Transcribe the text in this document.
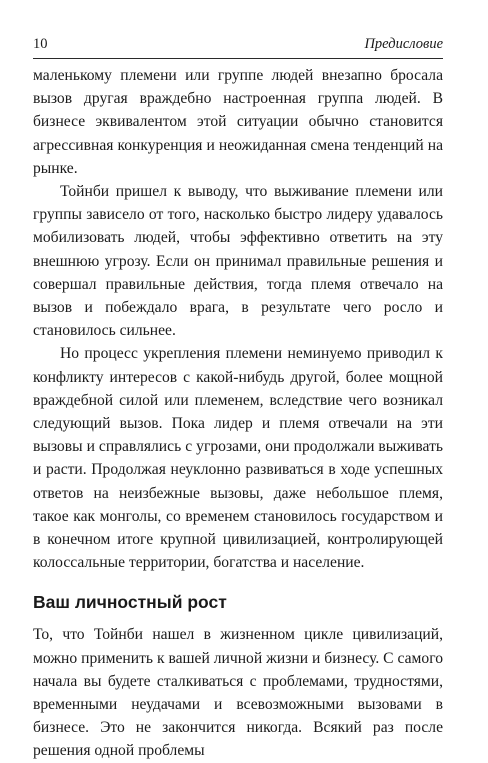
10	Предисловие

маленькому племени или группе людей внезапно бросала вызов другая враждебно настроенная группа людей. В бизнесе эквивалентом этой ситуации обычно становится агрессивная конкуренция и неожиданная смена тенденций на рынке.

Тойнби пришел к выводу, что выживание племени или группы зависело от того, насколько быстро лидеру удавалось мобилизовать людей, чтобы эффективно ответить на эту внешнюю угрозу. Если он принимал правильные решения и совершал правильные действия, тогда племя отвечало на вызов и побеждало врага, в результате чего росло и становилось сильнее.

Но процесс укрепления племени неминуемо приводил к конфликту интересов с какой-нибудь другой, более мощной враждебной силой или племенем, вследствие чего возникал следующий вызов. Пока лидер и племя отвечали на эти вызовы и справлялись с угрозами, они продолжали выживать и расти. Продолжая неуклонно развиваться в ходе успешных ответов на неизбежные вызовы, даже небольшое племя, такое как монголы, со временем становилось государством и в конечном итоге крупной цивилизацией, контролирующей колоссальные территории, богатства и население.

Ваш личностный рост

То, что Тойнби нашел в жизненном цикле цивилизаций, можно применить к вашей личной жизни и бизнесу. С самого начала вы будете сталкиваться с проблемами, трудностями, временными неудачами и всевозможными вызовами в бизнесе. Это не закончится никогда. Всякий раз после решения одной проблемы
